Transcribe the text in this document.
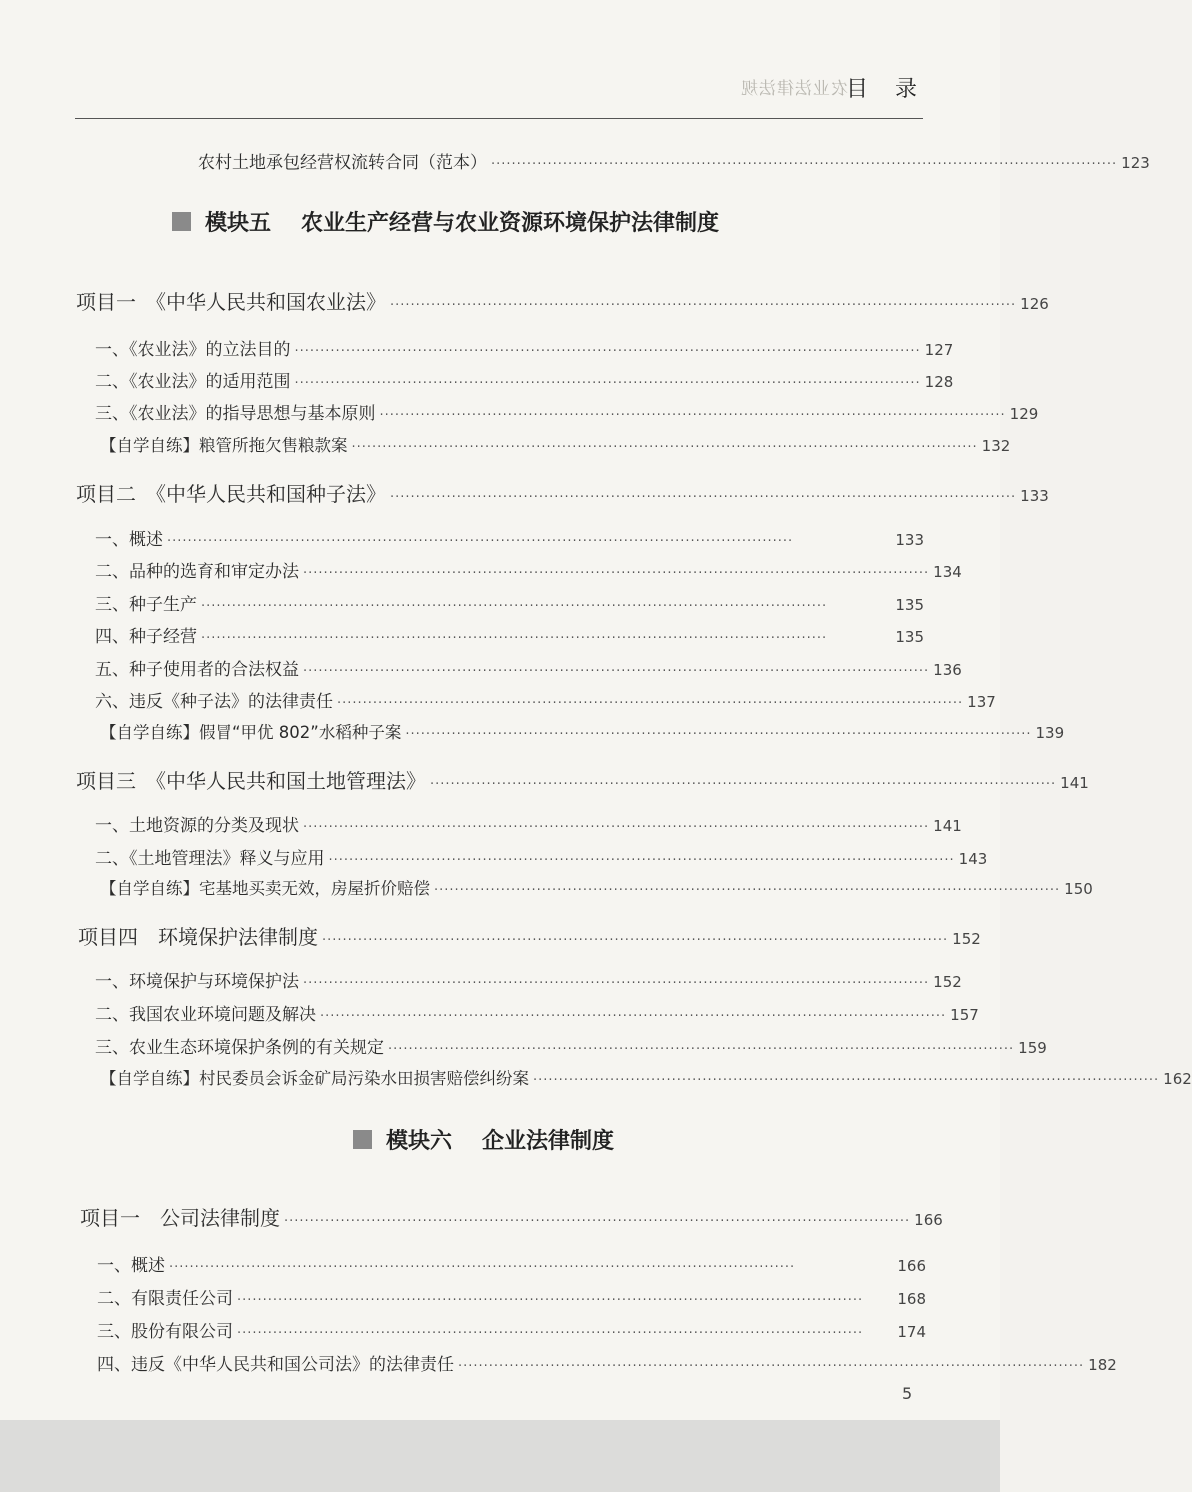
农业法律法规
目 录
农村土地承包经营权流转合同（范本） ·························································································································· 123
模块五 农业生产经营与农业资源环境保护法律制度
项目一　《中华人民共和国农业法》 ·························································································································· 126
一、《农业法》的立法目的 ·························································································································· 127
二、《农业法》的适用范围 ·························································································································· 128
三、《农业法》的指导思想与基本原则 ·························································································································· 129
【自学自练】粮管所拖欠售粮款案 ·························································································································· 132
项目二　《中华人民共和国种子法》 ·························································································································· 133
一、概述 ··························································································································	133
二、品种的选育和审定办法 ·························································································································· 134
三、种子生产 ··························································································································	135
四、种子经营 ··························································································································	135
五、种子使用者的合法权益 ·························································································································· 136
六、违反《种子法》的法律责任 ·························································································································· 137
【自学自练】假冒“甲优 802”水稻种子案 ·························································································································· 139
项目三　《中华人民共和国土地管理法》 ·························································································································· 141
一、土地资源的分类及现状 ·························································································································· 141
二、《土地管理法》释义与应用 ·························································································································· 143
【自学自练】宅基地买卖无效，房屋折价赔偿 ·························································································································· 150
项目四　环境保护法律制度 ·························································································································· 152
一、环境保护与环境保护法 ·························································································································· 152
二、我国农业环境问题及解决 ·························································································································· 157
三、农业生态环境保护条例的有关规定 ·························································································································· 159
【自学自练】村民委员会诉金矿局污染水田损害赔偿纠纷案 ·························································································································· 162
模块六 企业法律制度
项目一　公司法律制度 ·························································································································· 166
一、概述 ··························································································································	166
二、有限责任公司 ··························································································································	168
三、股份有限公司 ··························································································································	174
四、违反《中华人民共和国公司法》的法律责任 ·························································································································· 182
5
